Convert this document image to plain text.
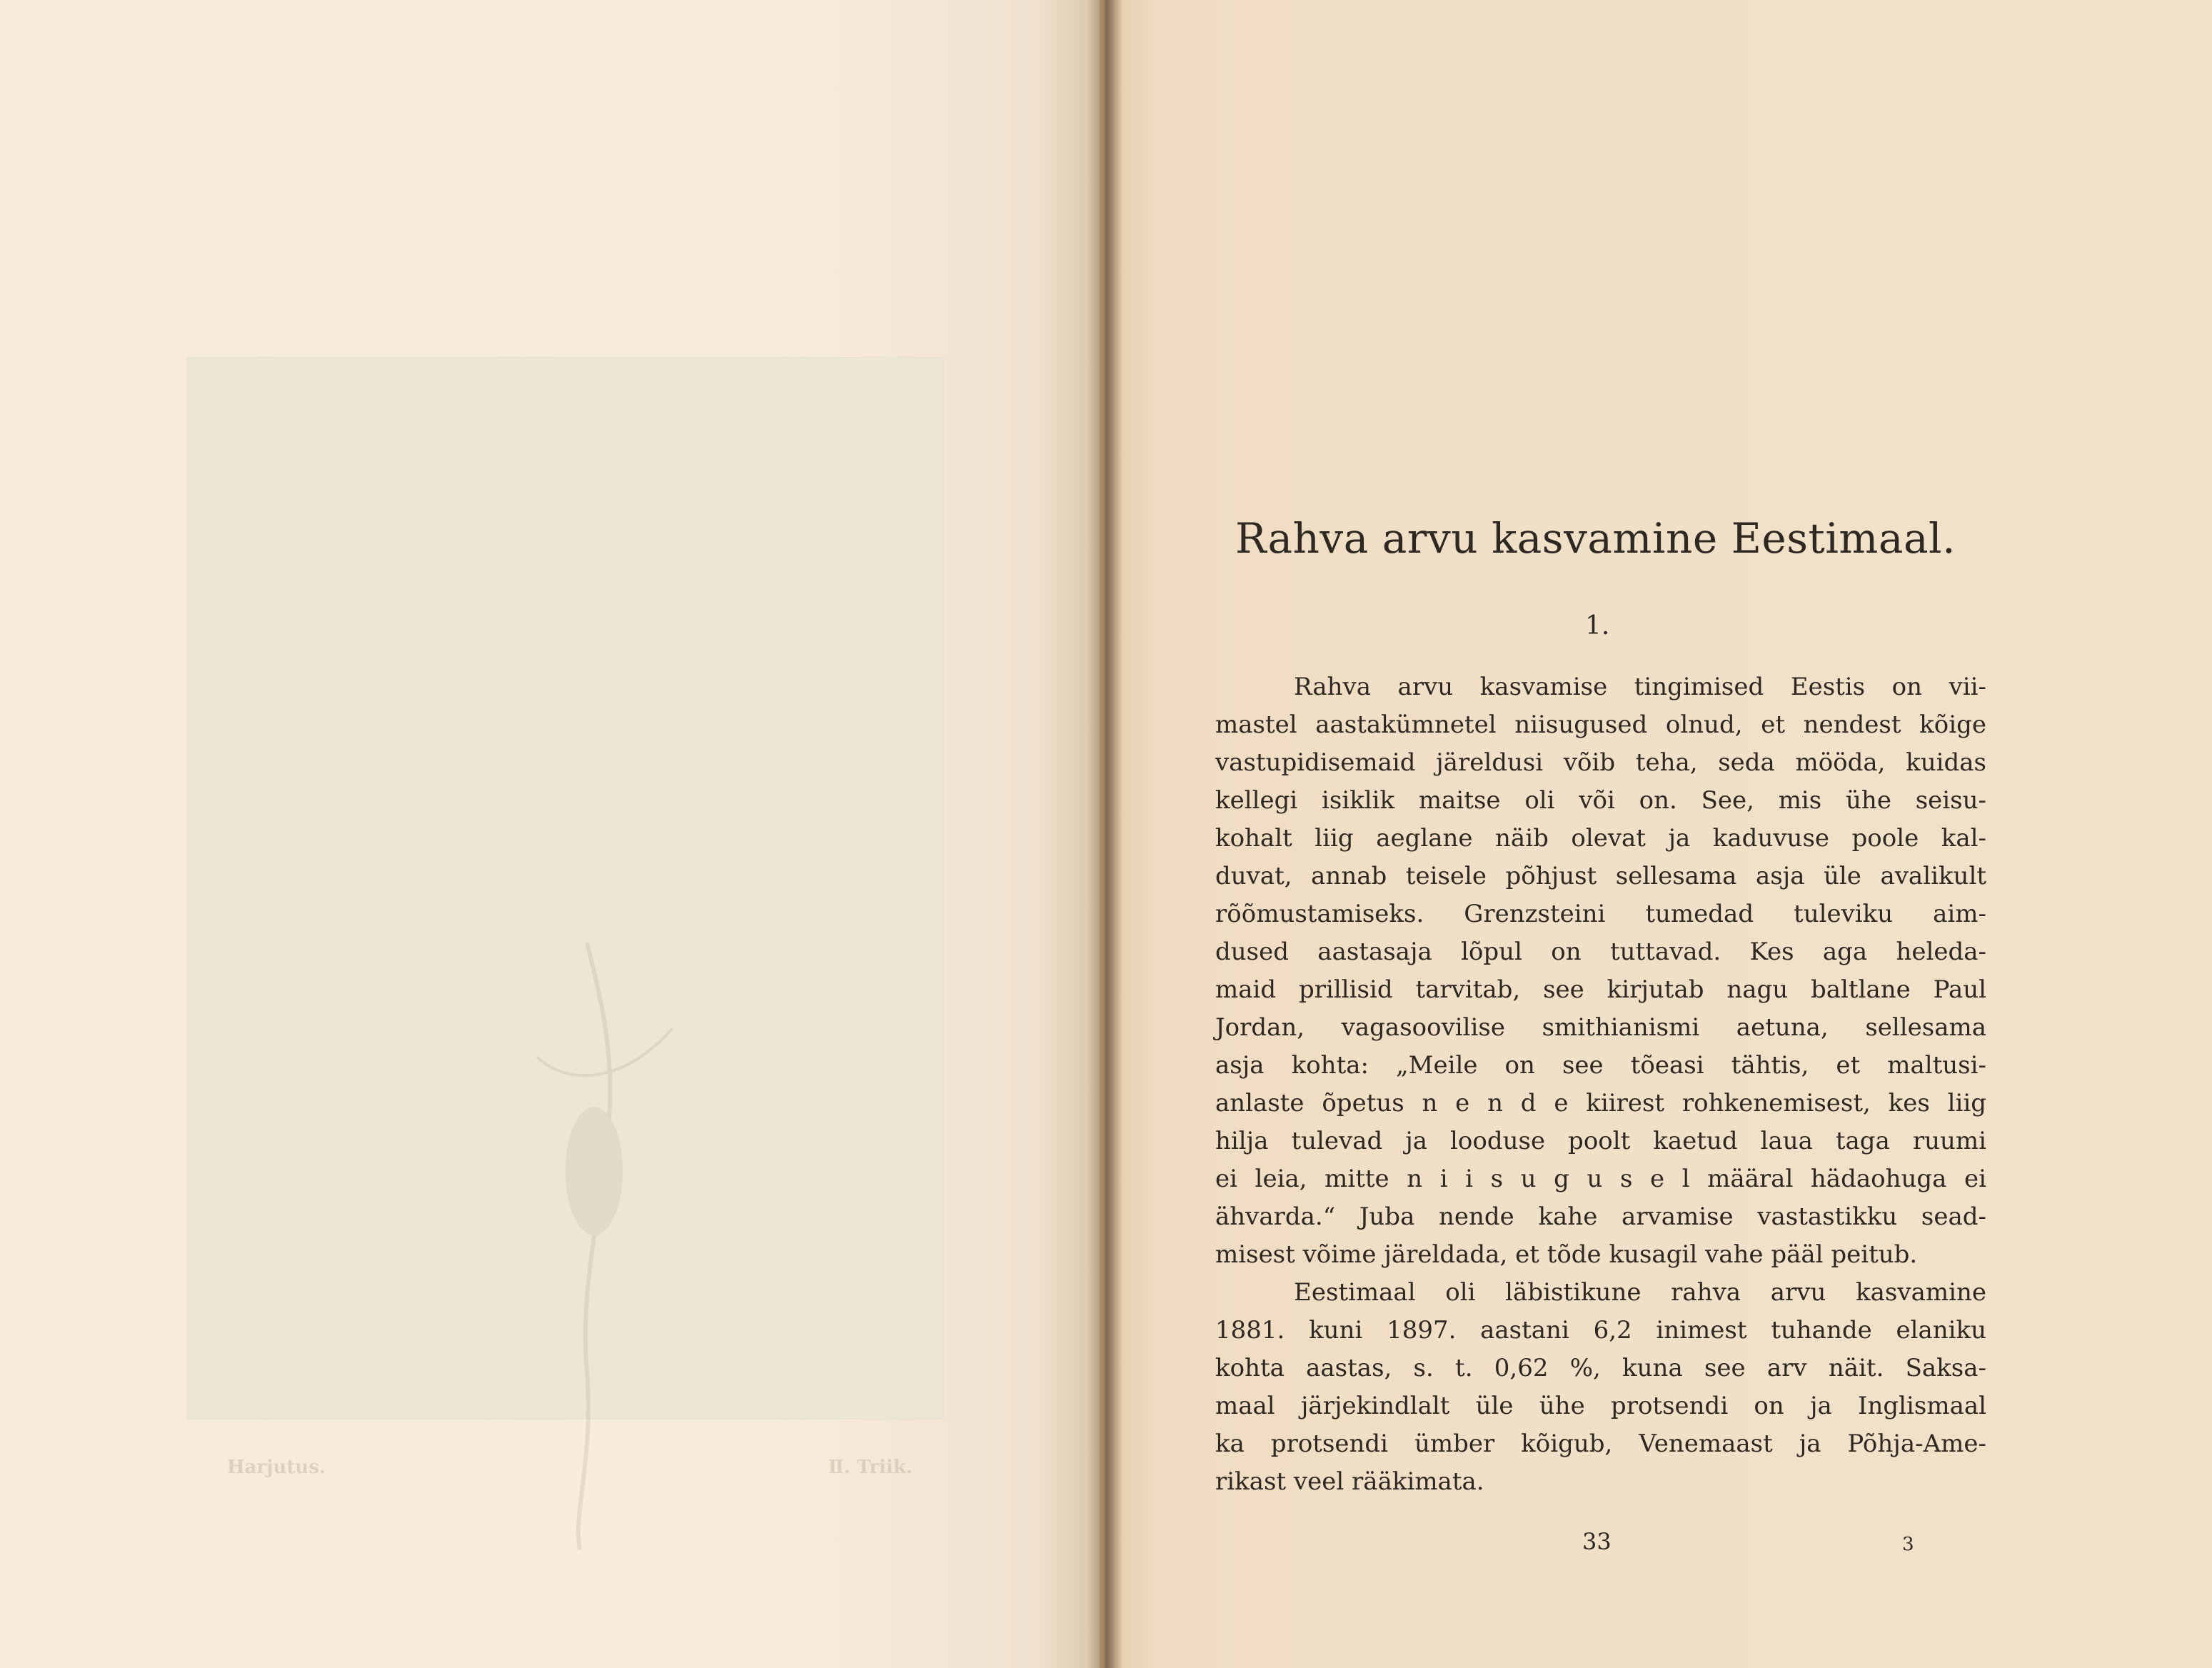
Ⅱ. Triik.
Harjutus.
Rahva arvu kasvamine Eestimaal.
1.
Rahva arvu kasvamise tingimised Eestis on vii-
mastel aastakümnetel niisugused olnud, et nendest kõige
vastupidisemaid järeldusi võib teha, seda mööda, kuidas
kellegi isiklik maitse oli või on. See, mis ühe seisu-
kohalt liig aeglane näib olevat ja kaduvuse poole kal-
duvat, annab teisele põhjust sellesama asja üle avalikult
rõõmustamiseks. Grenzsteini tumedad tuleviku aim-
dused aastasaja lõpul on tuttavad. Kes aga heleda-
maid prillisid tarvitab, see kirjutab nagu baltlane Paul
Jordan, vagasoovilise smithianismi aetuna, sellesama
asja kohta: „Meile on see tõeasi tähtis, et maltusi-
anlaste õpetus n e n d e kiirest rohkenemisest, kes liig
hilja tulevad ja looduse poolt kaetud laua taga ruumi
ei leia, mitte n i i s u g u s e l määral hädaohuga ei
ähvarda.“ Juba nende kahe arvamise vastastikku sead-
misest võime järeldada, et tõde kusagil vahe pääl peitub.
Eestimaal oli läbistikune rahva arvu kasvamine
1881. kuni 1897. aastani 6,2 inimest tuhande elaniku
kohta aastas, s. t. 0,62 %, kuna see arv näit. Saksa-
maal järjekindlalt üle ühe protsendi on ja Inglismaal
ka protsendi ümber kõigub, Venemaast ja Põhja-Ame-
rikast veel rääkimata.
33	3
